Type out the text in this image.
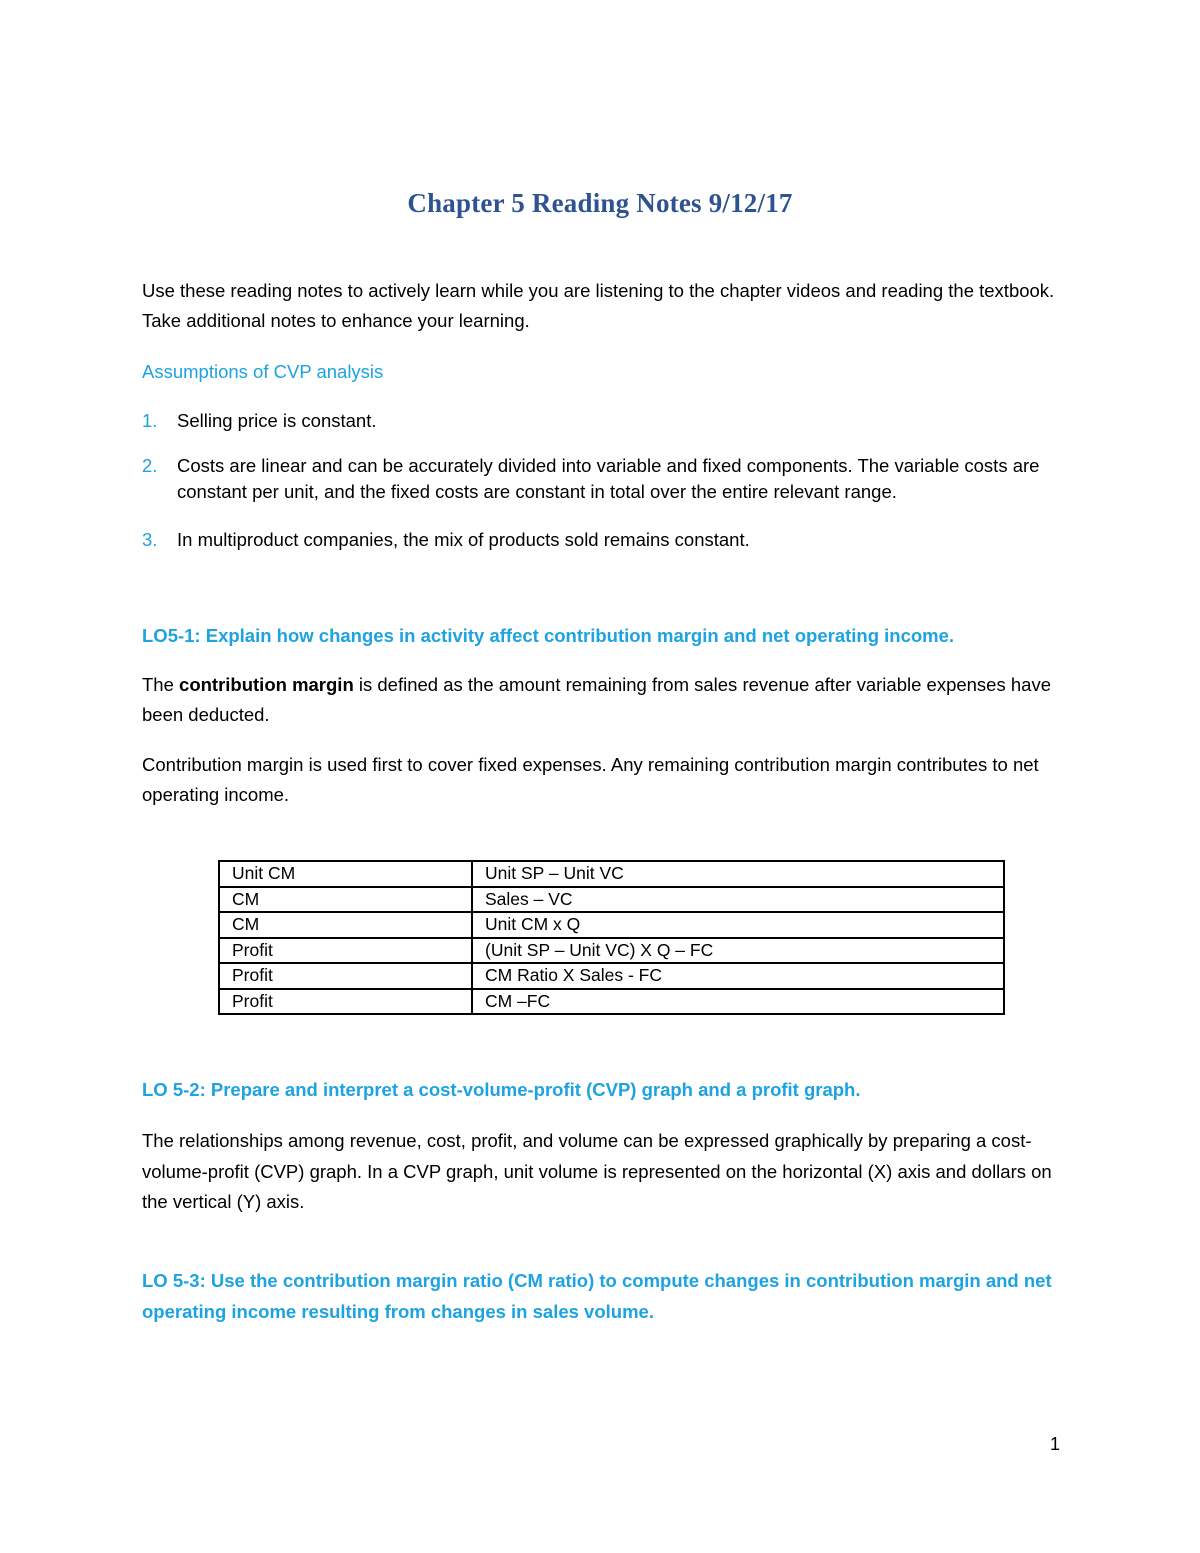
Chapter 5 Reading Notes 9/12/17

Use these reading notes to actively learn while you are listening to the chapter videos and reading the textbook. Take additional notes to enhance your learning.

Assumptions of CVP analysis

1. Selling price is constant.
2. Costs are linear and can be accurately divided into variable and fixed components. The variable costs are constant per unit, and the fixed costs are constant in total over the entire relevant range.
3. In multiproduct companies, the mix of products sold remains constant.

LO5-1: Explain how changes in activity affect contribution margin and net operating income.

The contribution margin is defined as the amount remaining from sales revenue after variable expenses have been deducted.

Contribution margin is used first to cover fixed expenses. Any remaining contribution margin contributes to net operating income.

Unit CM	Unit SP – Unit VC
CM	Sales – VC
CM	Unit CM x Q
Profit	(Unit SP – Unit VC) X Q – FC
Profit	CM Ratio X Sales - FC
Profit	CM –FC

LO 5-2: Prepare and interpret a cost-volume-profit (CVP) graph and a profit graph.

The relationships among revenue, cost, profit, and volume can be expressed graphically by preparing a cost-volume-profit (CVP) graph. In a CVP graph, unit volume is represented on the horizontal (X) axis and dollars on the vertical (Y) axis.

LO 5-3: Use the contribution margin ratio (CM ratio) to compute changes in contribution margin and net operating income resulting from changes in sales volume.

1
